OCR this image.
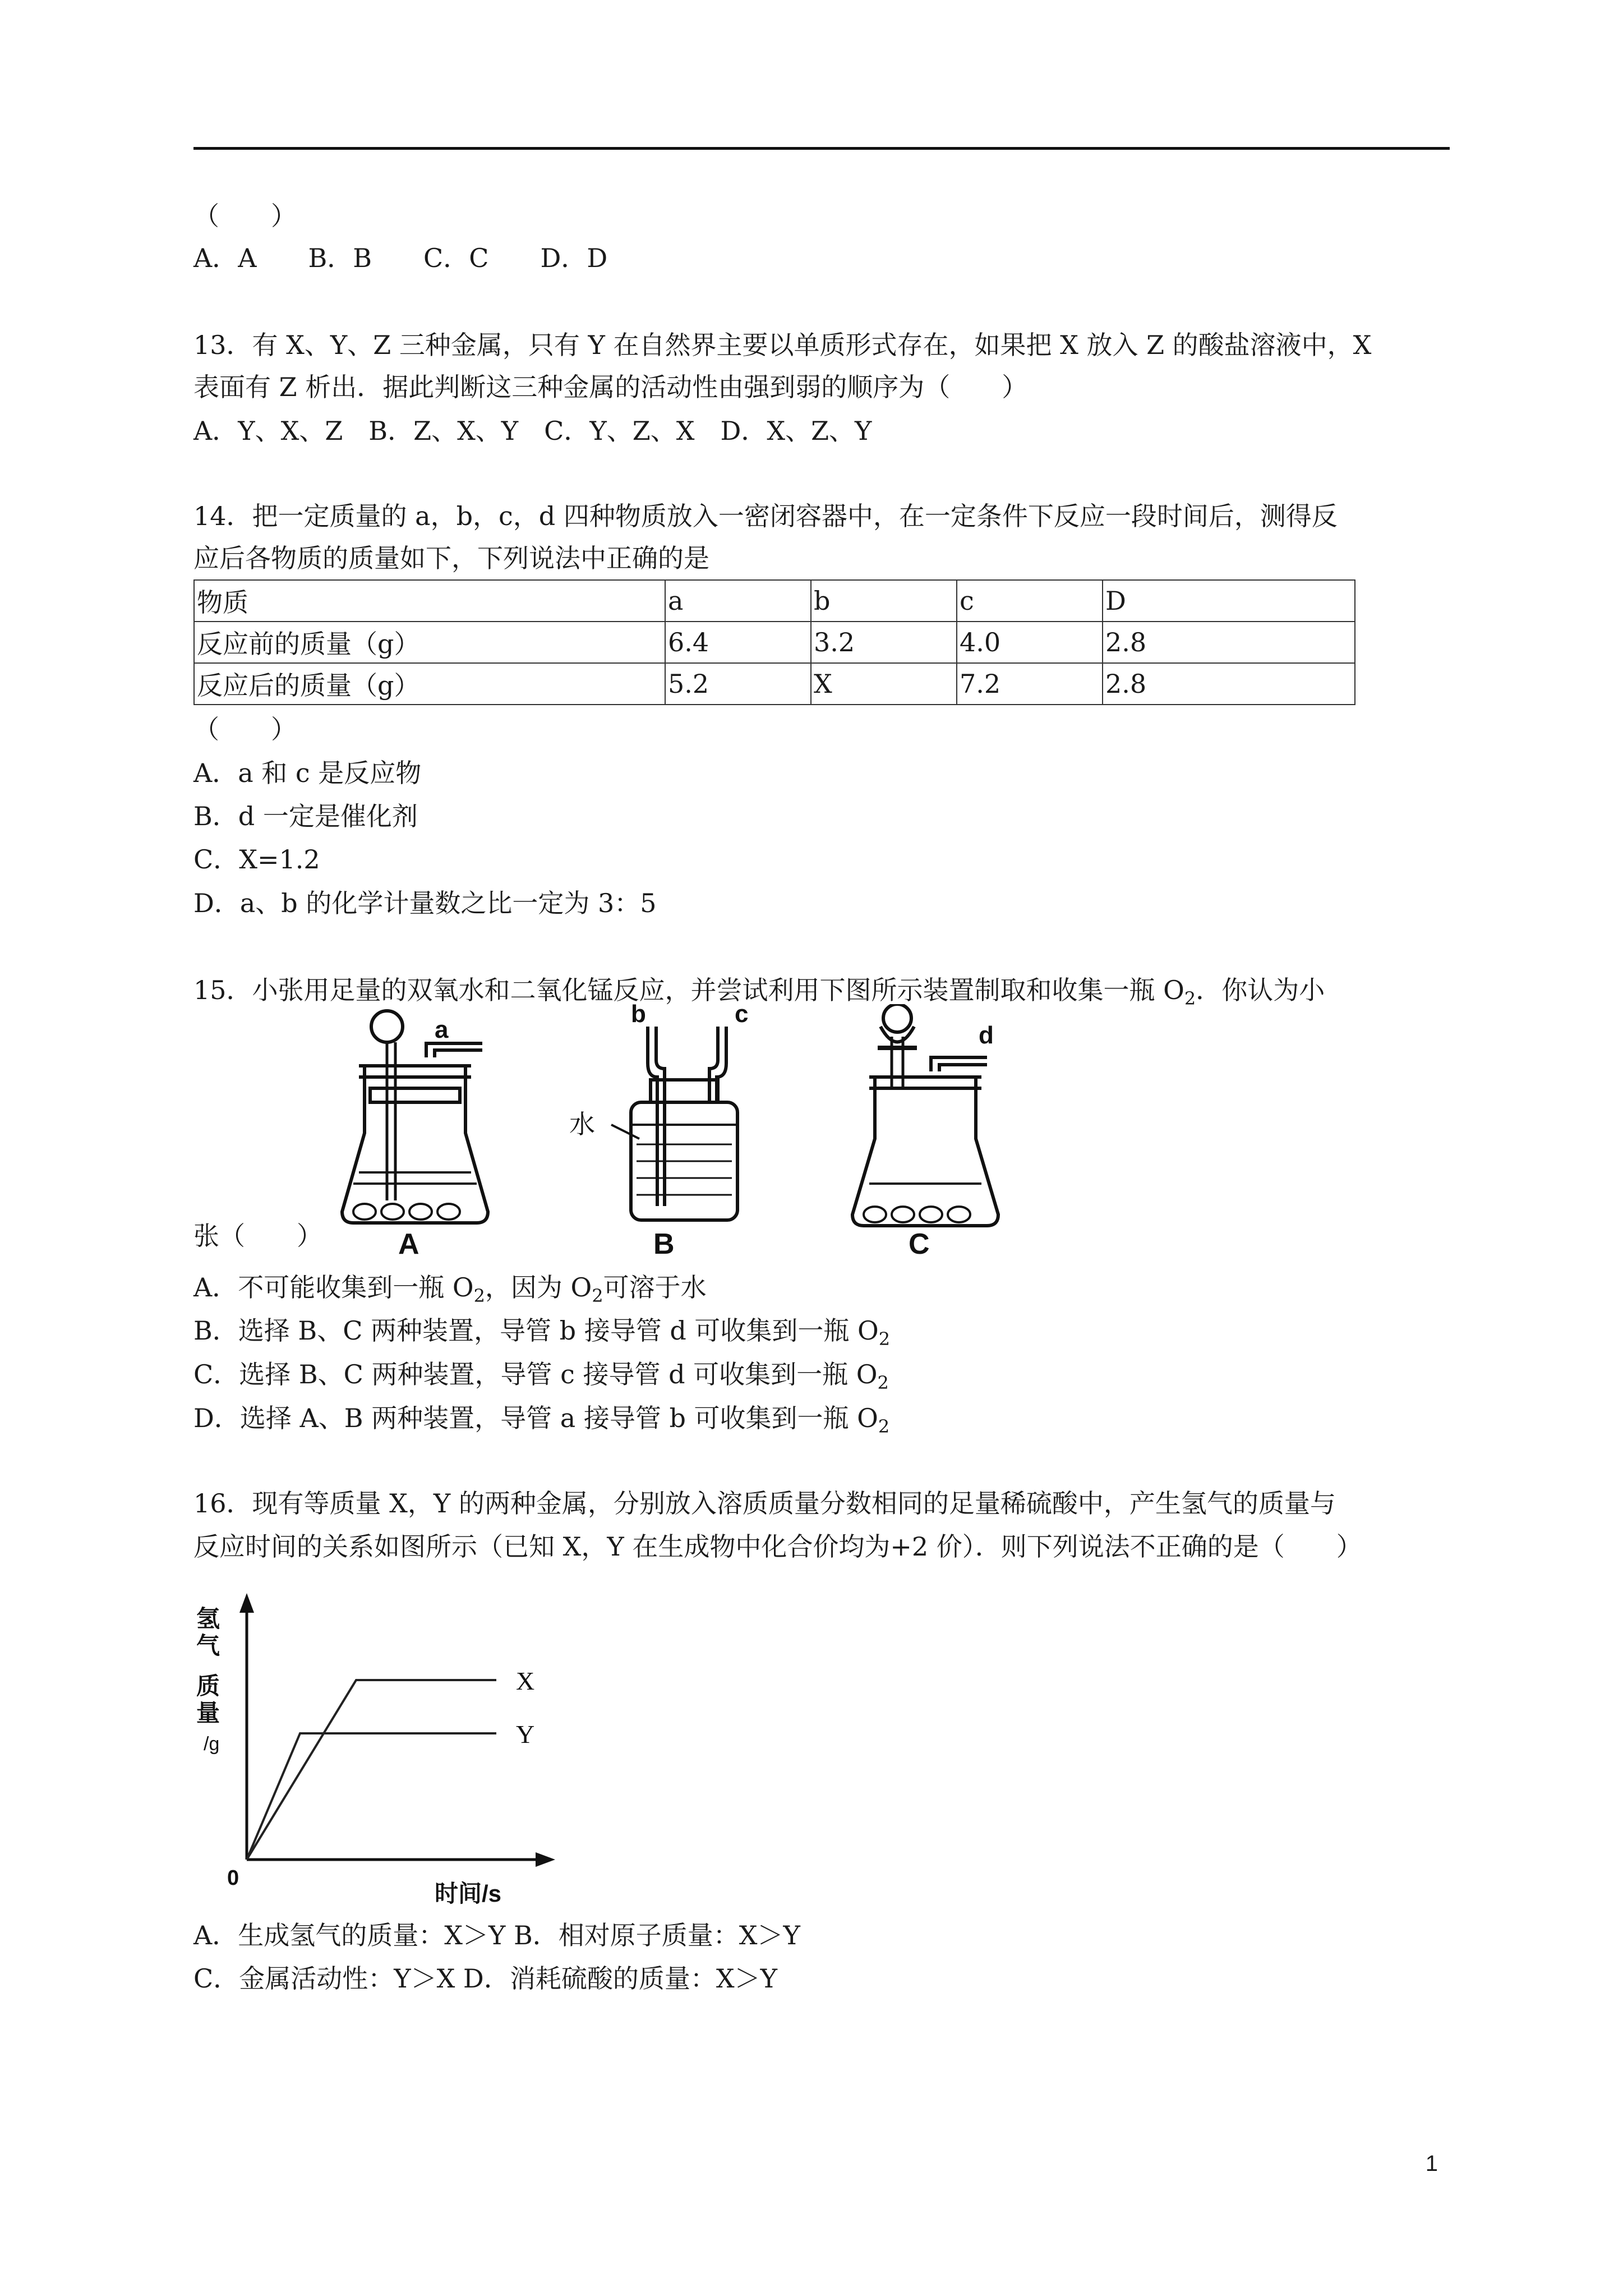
（　　）
A．A　　B．B　　C．C　　D．D
13．有 X、Y、Z 三种金属，只有 Y 在自然界主要以单质形式存在，如果把 X 放入 Z 的酸盐溶液中，X
表面有 Z 析出．据此判断这三种金属的活动性由强到弱的顺序为（　　）
A．Y、X、Z　B．Z、X、Y　C．Y、Z、X　D．X、Z、Y
14．把一定质量的 a，b，c，d 四种物质放入一密闭容器中，在一定条件下反应一段时间后，测得反
应后各物质的质量如下，下列说法中正确的是
物质	a	b	c	D
反应前的质量（g）	6.4	3.2	4.0	2.8
反应后的质量（g）	5.2	X	7.2	2.8
（　　）
A．a 和 c 是反应物
B．d 一定是催化剂
C．X=1.2
D．a、b 的化学计量数之比一定为 3：5
15．小张用足量的双氧水和二氧化锰反应，并尝试利用下图所示装置制取和收集一瓶 $O_2$．你认为小
a
A
b	c
水
B
d
C
张（　　）
A．不可能收集到一瓶 $O_2$，因为 $O_2$可溶于水
B．选择 B、C 两种装置，导管 b 接导管 d 可收集到一瓶 $O_2$
C．选择 B、C 两种装置，导管 c 接导管 d 可收集到一瓶 $O_2$
D．选择 A、B 两种装置，导管 a 接导管 b 可收集到一瓶 $O_2$
16．现有等质量 X，Y 的两种金属，分别放入溶质质量分数相同的足量稀硫酸中，产生氢气的质量与
反应时间的关系如图所示（已知 X，Y 在生成物中化合价均为+2 价）．则下列说法不正确的是（　　）
氢
气
质
量
/g
0
时间/s
X
Y
A．生成氢气的质量：X＞Y B．相对原子质量：X＞Y
C．金属活动性：Y＞X D．消耗硫酸的质量：X＞Y
1
